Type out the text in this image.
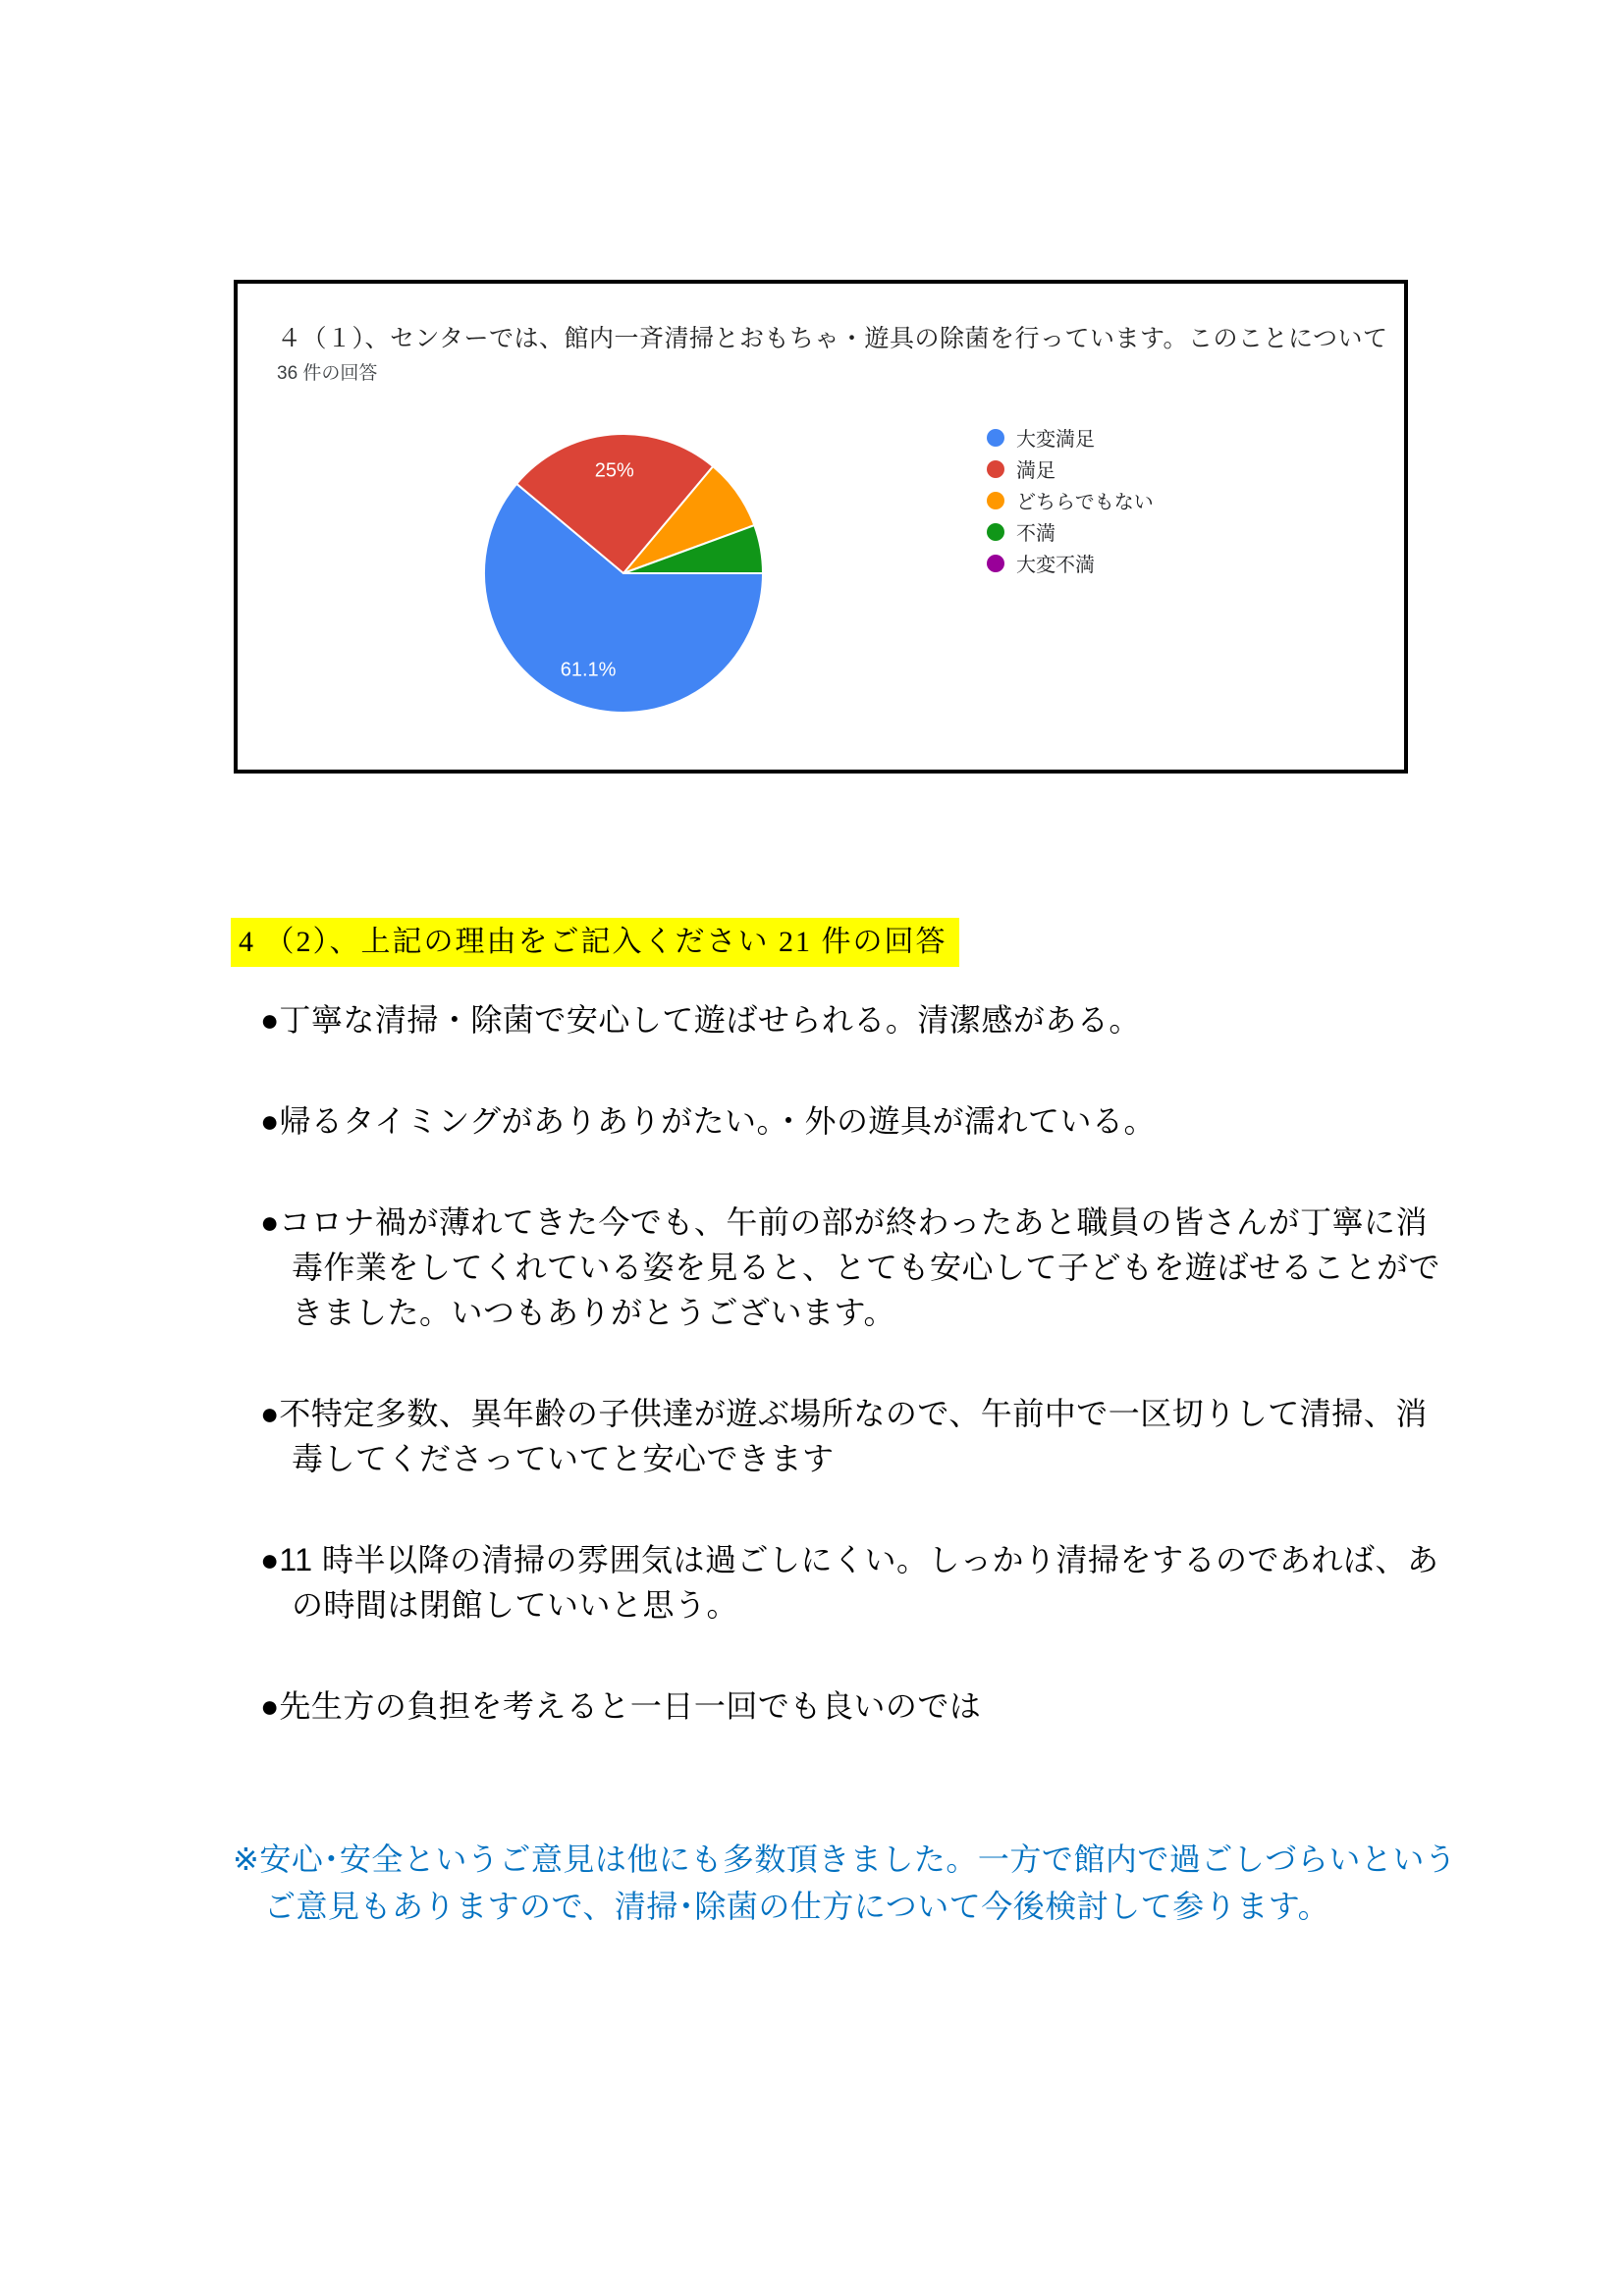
４（１）、センターでは、館内一斉清掃とおもちゃ・遊具の除菌を行っています。このことについて
36 件の回答
61.1%
25%
大変満足
満足
どちらでもない
不満
大変不満
4 （2）、上記の理由をご記入ください 21 件の回答

●丁寧な清掃・除菌で安心して遊ばせられる。清潔感がある。

●帰るタイミングがありありがたい。・外の遊具が濡れている。

●コロナ禍が薄れてきた今でも、午前の部が終わったあと職員の皆さんが丁寧に消毒作業をしてくれている姿を見ると、とても安心して子どもを遊ばせることができました。いつもありがとうございます。

●不特定多数、異年齢の子供達が遊ぶ場所なので、午前中で一区切りして清掃、消毒してくださっていてと安心できます

●11 時半以降の清掃の雰囲気は過ごしにくい。しっかり清掃をするのであれば、あの時間は閉館していいと思う。

●先生方の負担を考えると一日一回でも良いのでは

※安心･安全というご意見は他にも多数頂きました。一方で館内で過ごしづらいというご意見もありますので、清掃･除菌の仕方について今後検討して参ります。
